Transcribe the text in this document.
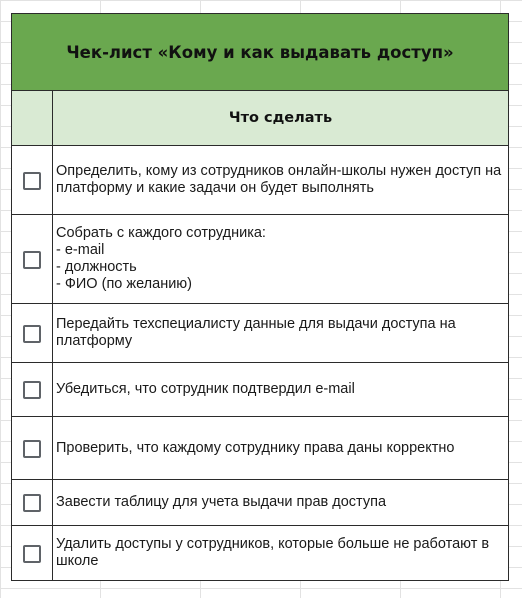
Чек-лист «Кому и как выдавать доступ»	
	Что сделать
	Определить, кому из сотрудников онлайн-школы нужен доступ на платформу и какие задачи он будет выполнять
	Собрать с каждого сотрудника:
- e-mail
- должность
- ФИО (по желанию)
	Передайть техспециалисту данные для выдачи доступа на платформу
	Убедиться, что сотрудник подтвердил e-mail
	Проверить, что каждому сотруднику права даны корректно
	Завести таблицу для учета выдачи прав доступа
	Удалить доступы у сотрудников, которые больше не работают в школе
